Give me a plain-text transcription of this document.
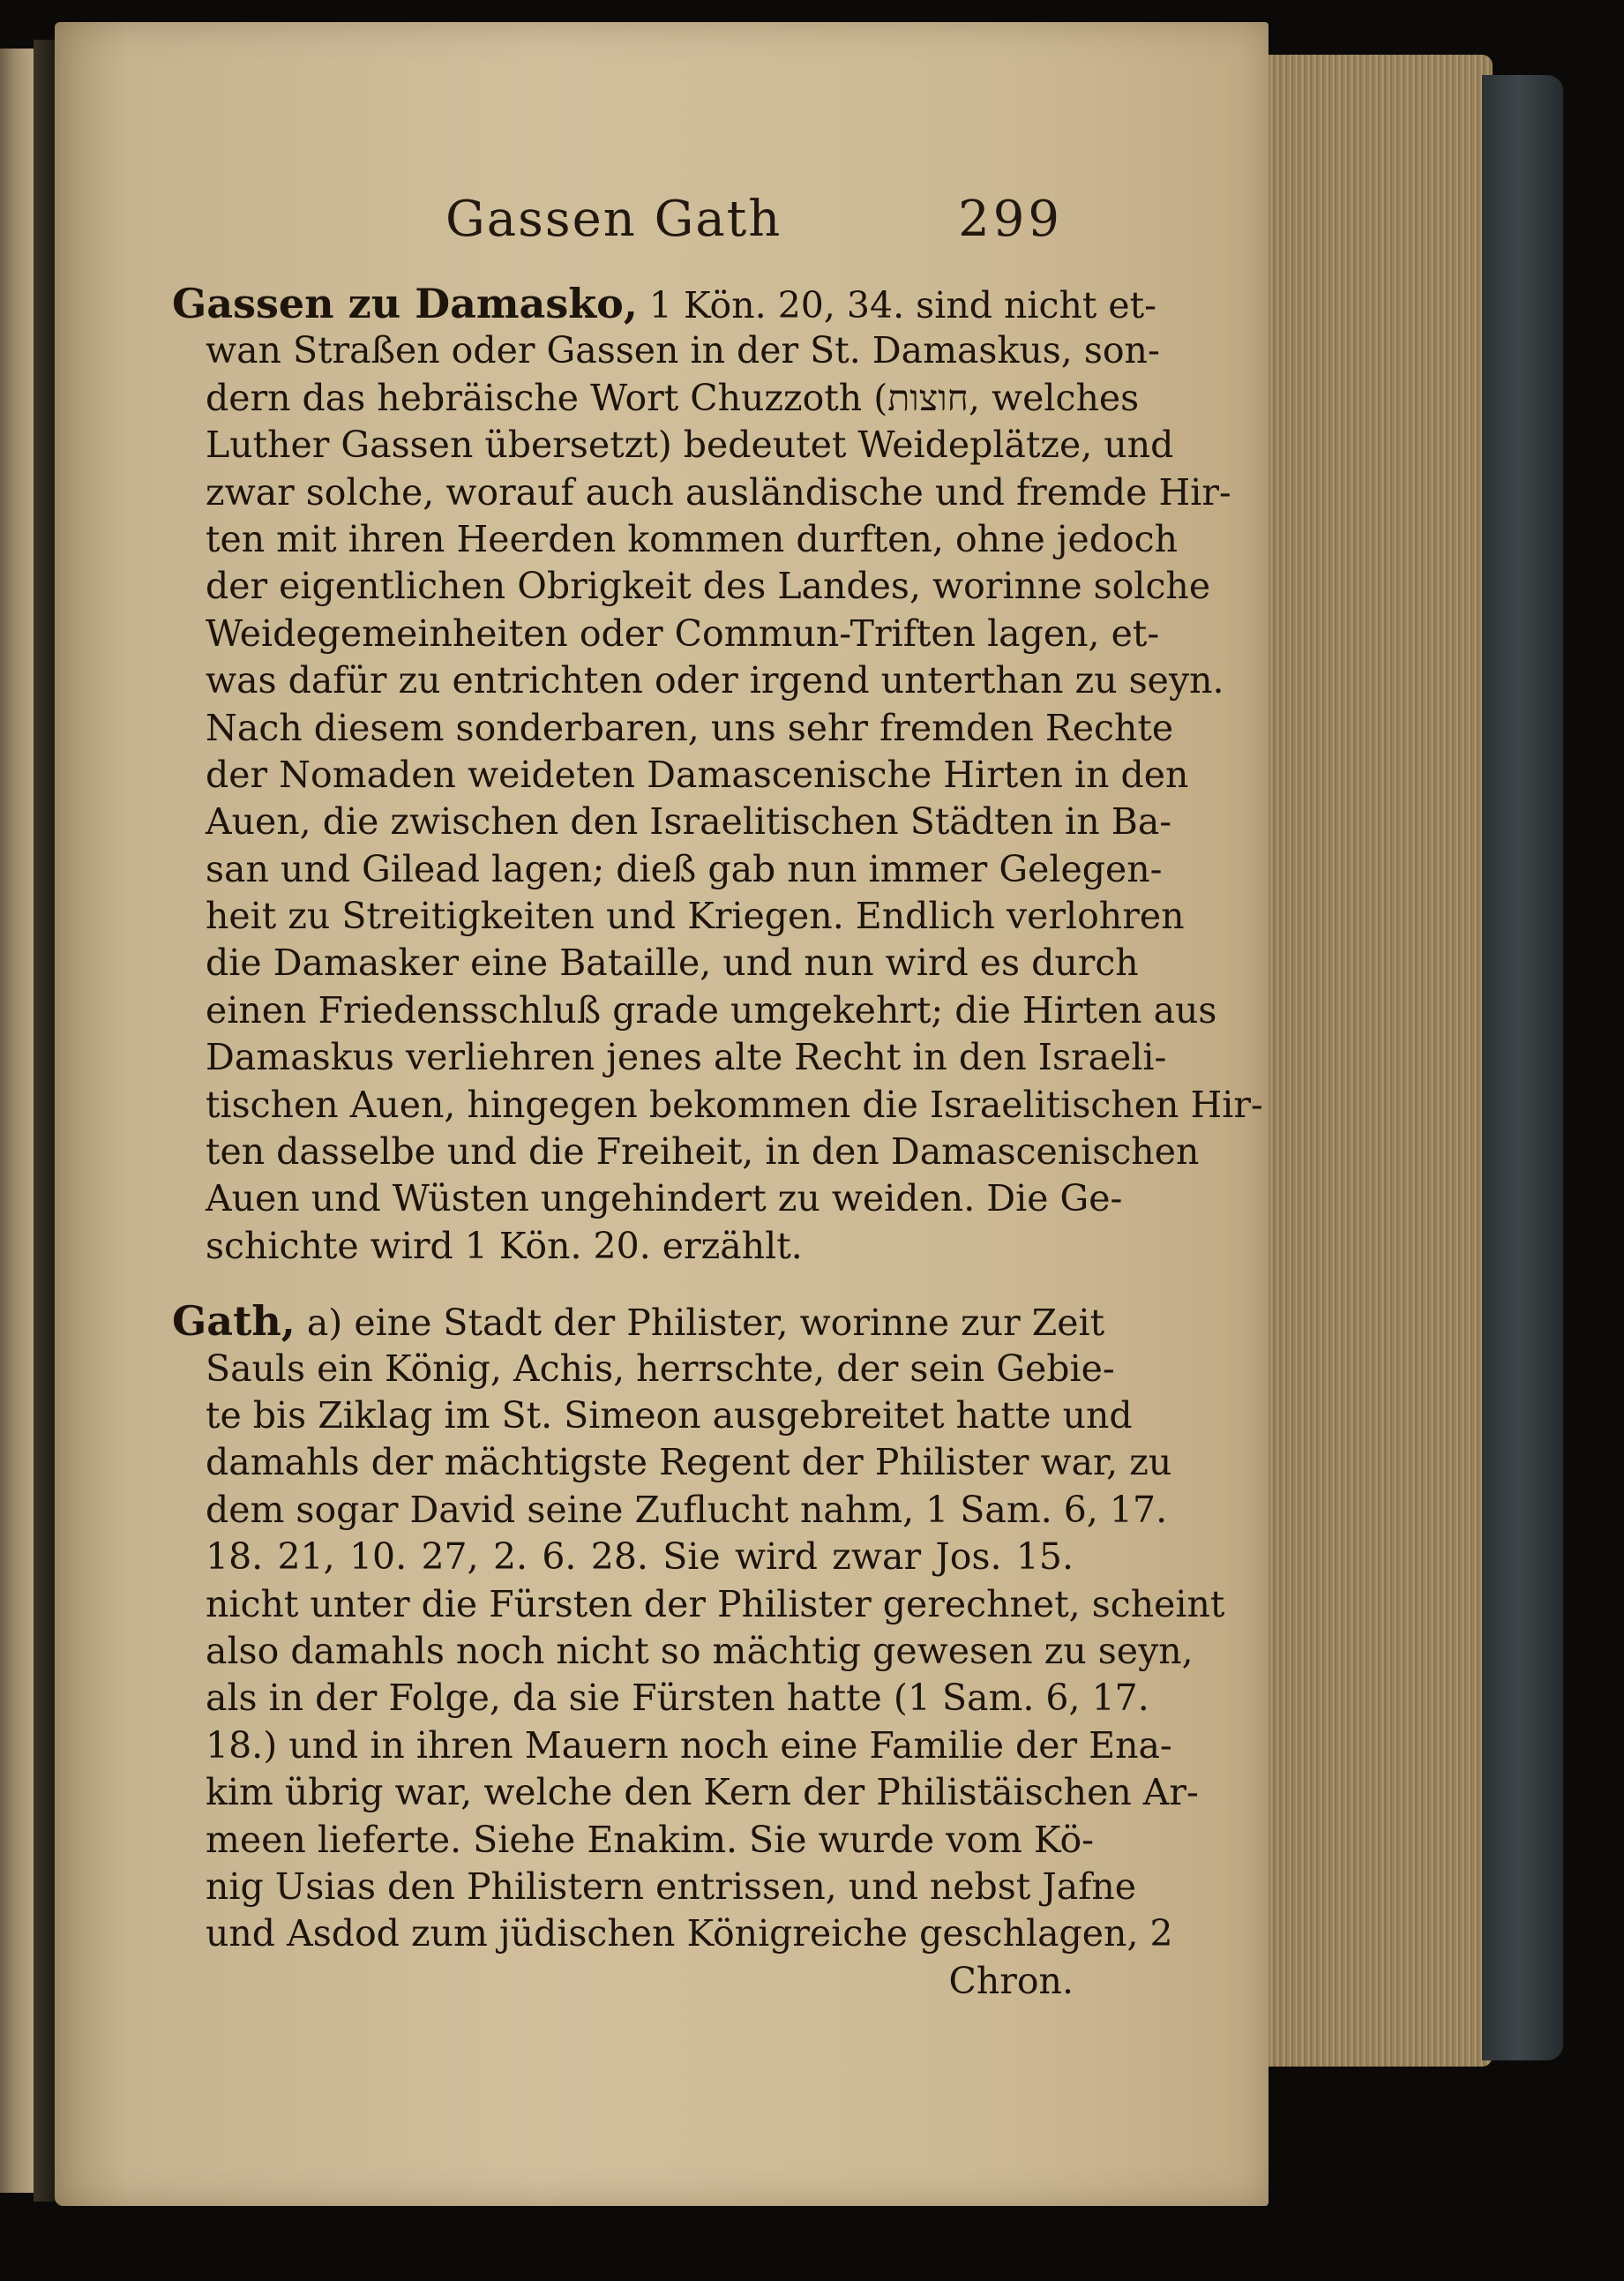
Gassen Gath	299
Gassen zu Damasko, 1 Kön. 20, 34. sind nicht et-
wan Straßen oder Gassen in der St. Damaskus, son-
dern das hebräische Wort Chuzzoth (חוצות, welches
Luther Gassen übersetzt) bedeutet Weideplätze, und
zwar solche, worauf auch ausländische und fremde Hir-
ten mit ihren Heerden kommen durften, ohne jedoch
der eigentlichen Obrigkeit des Landes, worinne solche
Weidegemeinheiten oder Commun-Triften lagen, et-
was dafür zu entrichten oder irgend unterthan zu seyn.
Nach diesem sonderbaren, uns sehr fremden Rechte
der Nomaden weideten Damascenische Hirten in den
Auen, die zwischen den Israelitischen Städten in Ba-
san und Gilead lagen; dieß gab nun immer Gelegen-
heit zu Streitigkeiten und Kriegen. Endlich verlohren
die Damasker eine Bataille, und nun wird es durch
einen Friedensschluß grade umgekehrt; die Hirten aus
Damaskus verliehren jenes alte Recht in den Israeli-
tischen Auen, hingegen bekommen die Israelitischen Hir-
ten dasselbe und die Freiheit, in den Damascenischen
Auen und Wüsten ungehindert zu weiden. Die Ge-
schichte wird 1 Kön. 20. erzählt.
Gath, a) eine Stadt der Philister, worinne zur Zeit
Sauls ein König, Achis, herrschte, der sein Gebie-
te bis Ziklag im St. Simeon ausgebreitet hatte und
damahls der mächtigste Regent der Philister war, zu
dem sogar David seine Zuflucht nahm, 1 Sam. 6, 17.
18. 21, 10. 27, 2. 6. 28. Sie wird zwar Jos. 15.
nicht unter die Fürsten der Philister gerechnet, scheint
also damahls noch nicht so mächtig gewesen zu seyn,
als in der Folge, da sie Fürsten hatte (1 Sam. 6, 17.
18.) und in ihren Mauern noch eine Familie der Ena-
kim übrig war, welche den Kern der Philistäischen Ar-
meen lieferte. Siehe Enakim. Sie wurde vom Kö-
nig Usias den Philistern entrissen, und nebst Jafne
und Asdod zum jüdischen Königreiche geschlagen, 2
Chron.
